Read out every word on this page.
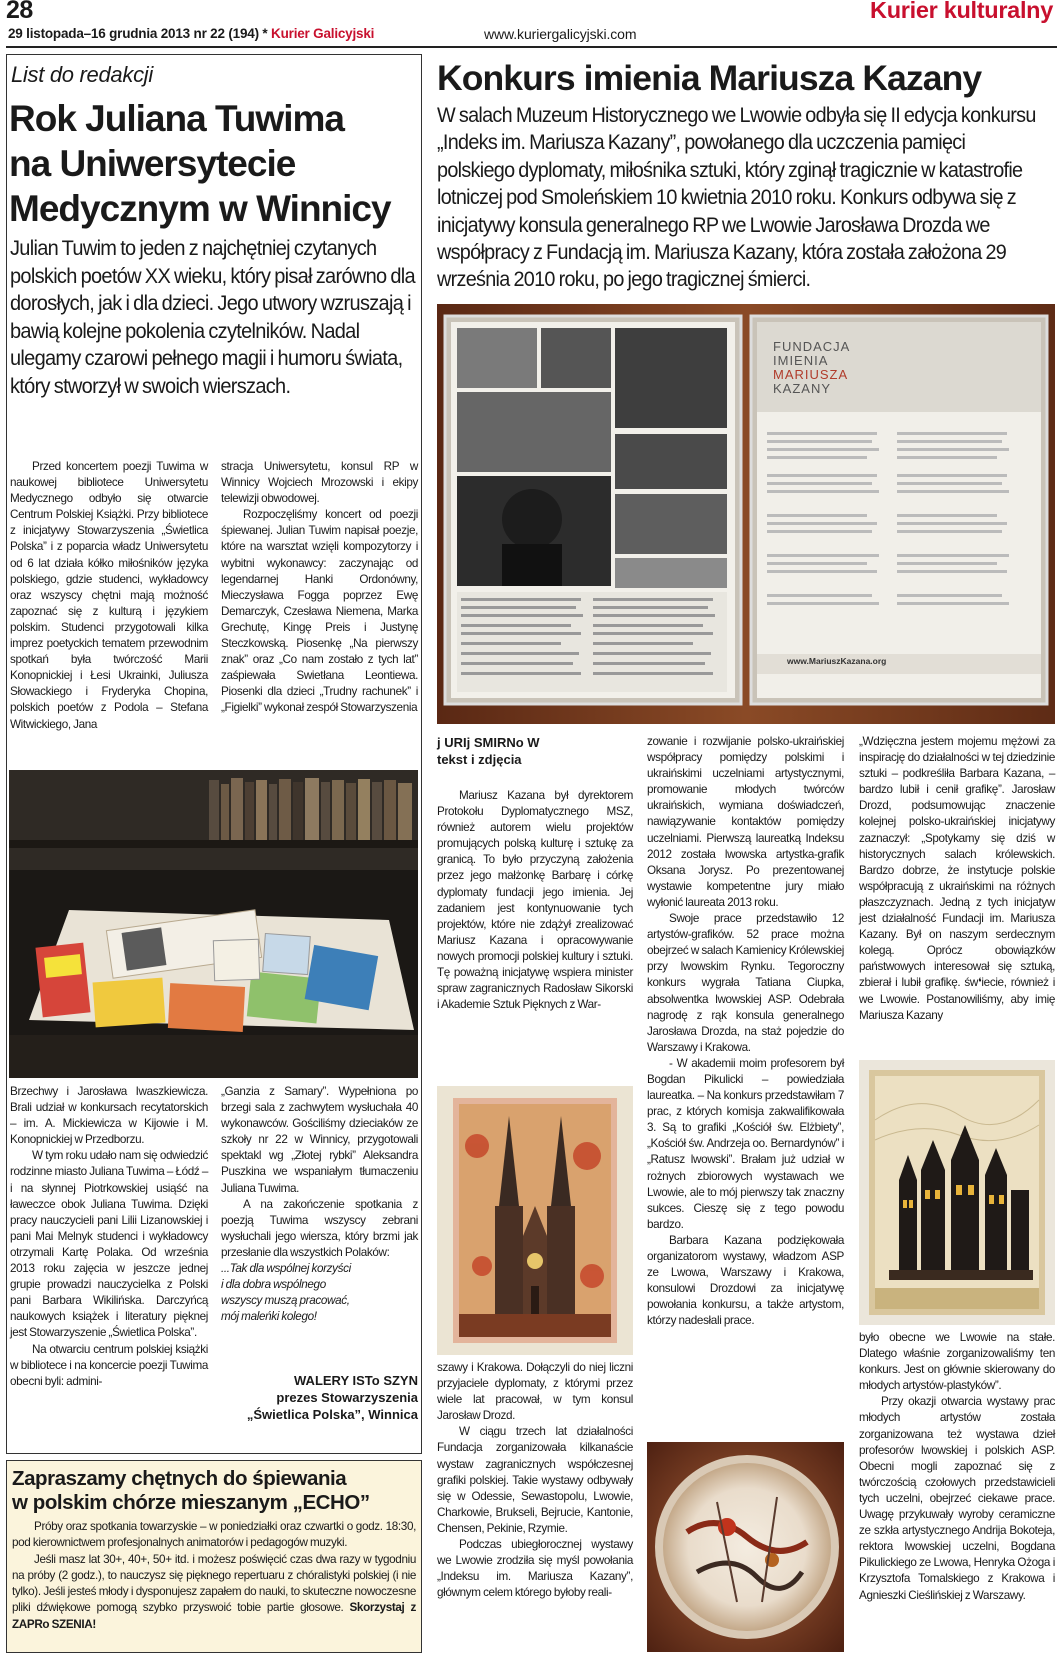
28
29 listopada–16 grudnia 2013 nr 22 (194) * Kurier Galicyjski	www.kuriergalicyjski.com
Kurier kulturalny
List do redakcji
Rok Juliana Tuwima
na Uniwersytecie
Medycznym w Winnicy
Julian Tuwim to jeden z najchętniej czytanych polskich poetów XX wieku, który pisał zarówno dla dorosłych, jak i dla dzieci. Jego utwory wzruszają i bawią kolejne pokolenia czytelników. Nadal ulegamy czarowi pełnego magii i humoru świata, który stworzył w swoich wierszach.

Przed koncertem poezji Tuwima w naukowej bibliotece Uniwersytetu Medycznego odbyło się otwarcie Centrum Polskiej Książki. Przy bibliotece z inicjatywy Stowarzyszenia „Świetlica Polska” i z poparcia władz Uniwersytetu od 6 lat działa kółko miłośników języka polskiego, gdzie studenci, wykładowcy oraz wszyscy chętni mają możność zapoznać się z kulturą i językiem polskim. Studenci przygotowali kilka imprez poetyckich tematem przewodnim spotkań była twórczość Marii Konopnickiej i Łesi Ukrainki, Juliusza Słowackiego i Fryderyka Chopina, polskich poetów z Podola – Stefana Witwickiego, Jana

stracja Uniwersytetu, konsul RP w Winnicy Wojciech Mrozowski i ekipy telewizji obwodowej.

Rozpoczęliśmy koncert od poezji śpiewanej. Julian Tuwim napisał poezje, które na warsztat wzięli kompozytorzy i wybitni wykonawcy: zaczynając od legendarnej Hanki Ordonówny, Mieczysława Fogga poprzez Ewę Demarczyk, Czesława Niemena, Marka Grechutę, Kingę Preis i Justynę Steczkowską. Piosenkę „Na pierwszy znak” oraz „Co nam zostało z tych lat” zaśpiewała Swietłana Leontiewa. Piosenki dla dzieci „Trudny rachunek” i „Figielki” wykonał zespół Stowarzyszenia

Brzechwy i Jarosława Iwaszkiewicza. Brali udział w konkursach recytatorskich – im. A. Mickiewicza w Kijowie i M. Konopnickiej w Przedborzu.

W tym roku udało nam się odwiedzić rodzinne miasto Juliana Tuwima – Łódź – i na słynnej Piotrkowskiej usiąść na ławeczce obok Juliana Tuwima. Dzięki pracy nauczycieli pani Lilii Lizanowskiej i pani Mai Melnyk studenci i wykładowcy otrzymali Kartę Polaka. Od września 2013 roku zajęcia w jeszcze jednej grupie prowadzi nauczycielka z Polski pani Barbara Wikilińska. Darczyńcą naukowych książek i literatury pięknej jest Stowarzyszenie „Świetlica Polska”.

Na otwarciu centrum polskiej książki w bibliotece i na koncercie poezji Tuwima obecni byli: admini-

„Ganzia z Samary”. Wypełniona po brzegi sala z zachwytem wysłuchała 40 wykonawców. Gościliśmy dzieciaków ze szkoły nr 22 w Winnicy, przygotowali spektakl wg „Złotej rybki” Aleksandra Puszkina we wspaniałym tłumaczeniu Juliana Tuwima.

A na zakończenie spotkania z poezją Tuwima wszyscy zebrani wysłuchali jego wiersza, który brzmi jak przesłanie dla wszystkich Polaków:

...Tak dla wspólnej korzyści
i dla dobra wspólnego
wszyscy muszą pracować,
mój maleńki kolego!
WALERY ISTo SZYN
prezes Stowarzyszenia
„Świetlica Polska”, Winnica
Zapraszamy chętnych do śpiewania
w polskim chórze mieszanym „ECHO”

Próby oraz spotkania towarzyskie – w poniedziałki oraz czwartki o godz. 18:30, pod kierownictwem profesjonalnych animatorów i pedagogów muzyki.

Jeśli masz lat 30+, 40+, 50+ itd. i możesz poświęcić czas dwa razy w tygodniu na próby (2 godz.), to nauczysz się pięknego repertuaru z chóralistyki polskiej (i nie tylko). Jeśli jesteś młody i dysponujesz zapałem do nauki, to skuteczne nowoczesne pliki dźwiękowe pomogą szybko przyswoić tobie partie głosowe. Skorzystaj z ZAPRo SZENIA!

Konkurs imienia Mariusza Kazany
W salach Muzeum Historycznego we Lwowie odbyła się II edycja konkursu „Indeks im. Mariusza Kazany”, powołanego dla uczczenia pamięci polskiego dyplomaty, miłośnika sztuki, który zginął tragicznie w katastrofie lotniczej pod Smoleńskiem 10 kwietnia 2010 roku. Konkurs odbywa się z inicjatywy konsula generalnego RP we Lwowie Jarosława Drozda we współpracy z Fundacją im. Mariusza Kazany, która została założona 29 września 2010 roku, po jego tragicznej śmierci.
FUNDACJA
IMIENIA
MARIUSZA
KAZANY
www.MariuszKazana.org
j URIj SMIRNo W
tekst i zdjęcia

Mariusz Kazana był dyrektorem Protokołu Dyplomatycznego MSZ, również autorem wielu projektów promujących polską kulturę i sztukę za granicą. To było przyczyną założenia przez jego małżonkę Barbarę i córkę dyplomaty fundacji jego imienia. Jej zadaniem jest kontynuowanie tych projektów, które nie zdążył zrealizować Mariusz Kazana i opracowywanie nowych promocji polskiej kultury i sztuki. Tę poważną inicjatywę wspiera minister spraw zagranicznych Radosław Sikorski i Akademie Sztuk Pięknych z War-

szawy i Krakowa. Dołączyli do niej liczni przyjaciele dyplomaty, z którymi przez wiele lat pracował, w tym konsul Jarosław Drozd.

W ciągu trzech lat działalności Fundacja zorganizowała kilkanaście wystaw zagranicznych współczesnej grafiki polskiej. Takie wystawy odbywały się w Odessie, Sewastopolu, Lwowie, Charkowie, Brukseli, Bejrucie, Kantonie, Chensen, Pekinie, Rzymie.

Podczas ubiegłorocznej wystawy we Lwowie zrodziła się myśl powołania „Indeksu im. Mariusza Kazany”, głównym celem którego byłoby reali-

zowanie i rozwijanie polsko-ukraińskiej współpracy pomiędzy polskimi i ukraińskimi uczelniami artystycznymi, promowanie młodych twórców ukraińskich, wymiana doświadczeń, nawiązywanie kontaktów pomiędzy uczelniami. Pierwszą laureatką Indeksu 2012 została lwowska artystka-grafik Oksana Jorysz. Po prezentowanej wystawie kompetentne jury miało wyłonić laureata 2013 roku.

Swoje prace przedstawiło 12 artystów-grafików. 52 prace można obejrzeć w salach Kamienicy Królewskiej przy lwowskim Rynku. Tegoroczny konkurs wygrała Tatiana Ciupka, absolwentka lwowskiej ASP. Odebrała nagrodę z rąk konsula generalnego Jarosława Drozda, na staż pojedzie do Warszawy i Krakowa.

- W akademii moim profesorem był Bogdan Pikulicki – powiedziała laureatka. – Na konkurs przedstawiłam 7 prac, z których komisja zakwalifikowała 3. Są to grafiki „Kościół św. Elżbiety”, „Kościół św. Andrzeja oo. Bernardynów” i „Ratusz lwowski”. Brałam już udział w rożnych zbiorowych wystawach we Lwowie, ale to mój pierwszy tak znaczny sukces. Cieszę się z tego powodu bardzo.

Barbara Kazana podziękowała organizatorom wystawy, władzom ASP ze Lwowa, Warszawy i Krakowa, konsulowi Drozdowi za inicjatywę powołania konkursu, a także artystom, którzy nadesłali prace.

„Wdzięczna jestem mojemu mężowi za inspirację do działalności w tej dziedzinie sztuki – podkreśliła Barbara Kazana, – bardzo lubił i cenił grafikę”. Jarosław Drozd, podsumowując znaczenie kolejnej polsko-ukraińskiej inicjatywy zaznaczył: „Spotykamy się dziś w historycznych salach królewskich. Bardzo dobrze, że instytucje polskie współpracują z ukraińskimi na różnych płaszczyznach. Jedną z tych inicjatyw jest działalność Fundacji im. Mariusza Kazany. Był on naszym serdecznym kolegą. Oprócz obowiązków państwowych interesował się sztuką, zbierał i lubił grafikę. św❛iecie, również i we Lwowie. Postanowiliśmy, aby imię Mariusza Kazany

było obecne we Lwowie na stałe. Dlatego właśnie zorganizowaliśmy ten konkurs. Jest on głównie skierowany do młodych artystów-plastyków”.

Przy okazji otwarcia wystawy prac młodych artystów została zorganizowana też wystawa dzieł profesorów lwowskiej i polskich ASP. Obecni mogli zapoznać się z twórczością czołowych przedstawicieli tych uczelni, obejrzeć ciekawe prace. Uwagę przykuwały wyroby ceramiczne ze szkła artystycznego Andrija Bokoteja, rektora lwowskiej uczelni, Bogdana Pikulickiego ze Lwowa, Henryka Ożoga i Krzysztofa Tomalskiego z Krakowa i Agnieszki Cieślińskiej z Warszawy.
